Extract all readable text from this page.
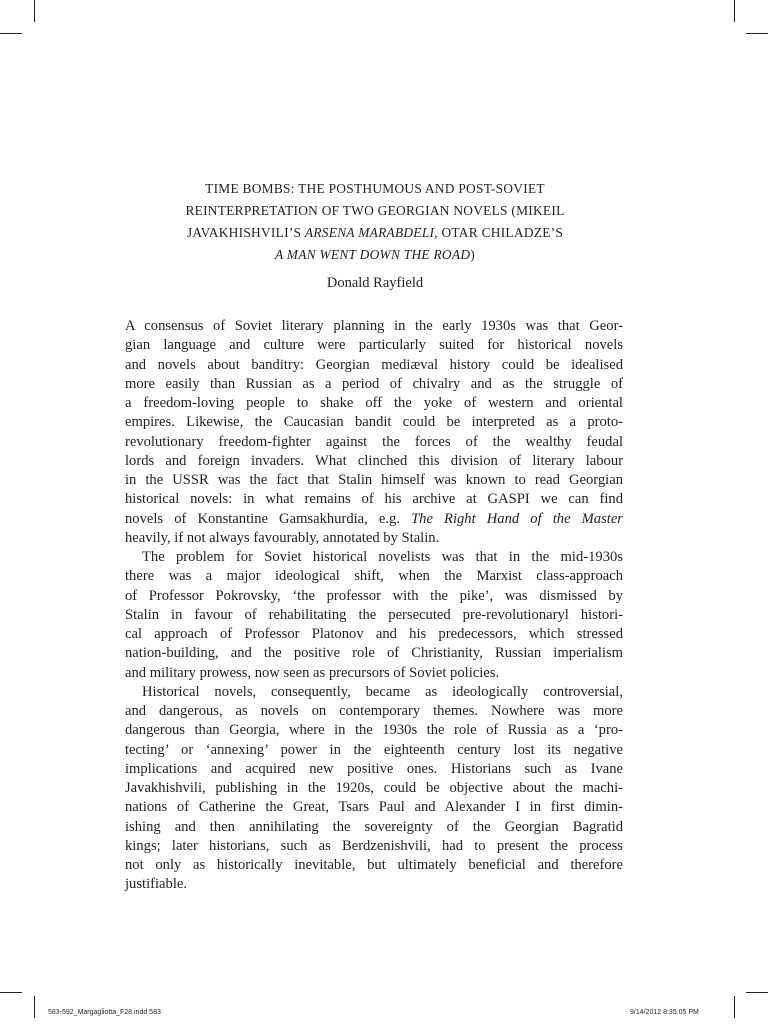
TIME BOMBS: THE POSTHUMOUS AND POST-SOVIET
REINTERPRETATION OF TWO GEORGIAN NOVELS (MIKEIL
JAVAKHISHVILI’S ARSENA MARABDELI, OTAR CHILADZE’S
A MAN WENT DOWN THE ROAD)
Donald Rayfield
A consensus of Soviet literary planning in the early 1930s was that Geor-
gian language and culture were particularly suited for historical novels
and novels about banditry: Georgian mediæval history could be idealised
more easily than Russian as a period of chivalry and as the struggle of
a freedom-loving people to shake off the yoke of western and oriental
empires. Likewise, the Caucasian bandit could be interpreted as a proto-
revolutionary freedom-fighter against the forces of the wealthy feudal
lords and foreign invaders. What clinched this division of literary labour
in the USSR was the fact that Stalin himself was known to read Georgian
historical novels: in what remains of his archive at GASPI we can find
novels of Konstantine Gamsakhurdia, e.g. The Right Hand of the Master
heavily, if not always favourably, annotated by Stalin.
The problem for Soviet historical novelists was that in the mid-1930s
there was a major ideological shift, when the Marxist class-approach
of Professor Pokrovsky, ‘the professor with the pike’, was dismissed by
Stalin in favour of rehabilitating the persecuted pre-revolutionaryl histori-
cal approach of Professor Platonov and his predecessors, which stressed
nation-building, and the positive role of Christianity, Russian imperialism
and military prowess, now seen as precursors of Soviet policies.
Historical novels, consequently, became as ideologically controversial,
and dangerous, as novels on contemporary themes. Nowhere was more
dangerous than Georgia, where in the 1930s the role of Russia as a ‘pro-
tecting’ or ‘annexing’ power in the eighteenth century lost its negative
implications and acquired new positive ones. Historians such as Ivane
Javakhishvili, publishing in the 1920s, could be objective about the machi-
nations of Catherine the Great, Tsars Paul and Alexander I in first dimin-
ishing and then annihilating the sovereignty of the Georgian Bagratid
kings; later historians, such as Berdzenishvili, had to present the process
not only as historically inevitable, but ultimately beneficial and therefore
justifiable.
583-592_Margagliotta_F28.indd 583	9/14/2012 8:35:05 PM
